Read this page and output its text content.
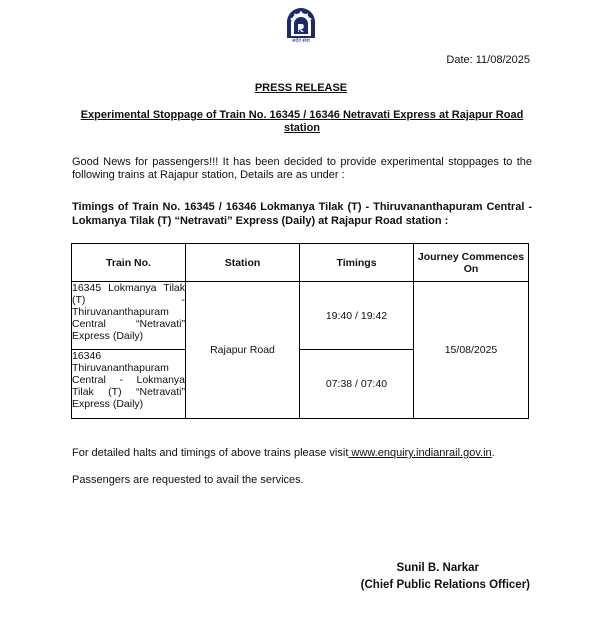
सदैव सेवा
Date: 11/08/2025
PRESS RELEASE
Experimental Stoppage of Train No. 16345 / 16346 Netravati Express at Rajapur Road station
Good News for passengers!!! It has been decided to provide experimental stoppages to the following trains at Rajapur station, Details are as under :
Timings of Train No. 16345 / 16346 Lokmanya Tilak (T) - Thiruvananthapuram Central - Lokmanya Tilak (T) “Netravati” Express (Daily) at Rajapur Road station :
Train No.	Station	Timings	Journey Commences On
16345 Lokmanya Tilak (T) - Thiruvananthapuram Central “Netravati” Express (Daily)	Rajapur Road	19:40 / 19:42	15/08/2025
16346 Thiruvananthapuram Central - Lokmanya Tilak (T) “Netravati” Express (Daily)		07:38 / 07:40	
For detailed halts and timings of above trains please visit www.enquiry.indianrail.gov.in.
Passengers are requested to avail the services.
Sunil B. Narkar
(Chief Public Relations Officer)
